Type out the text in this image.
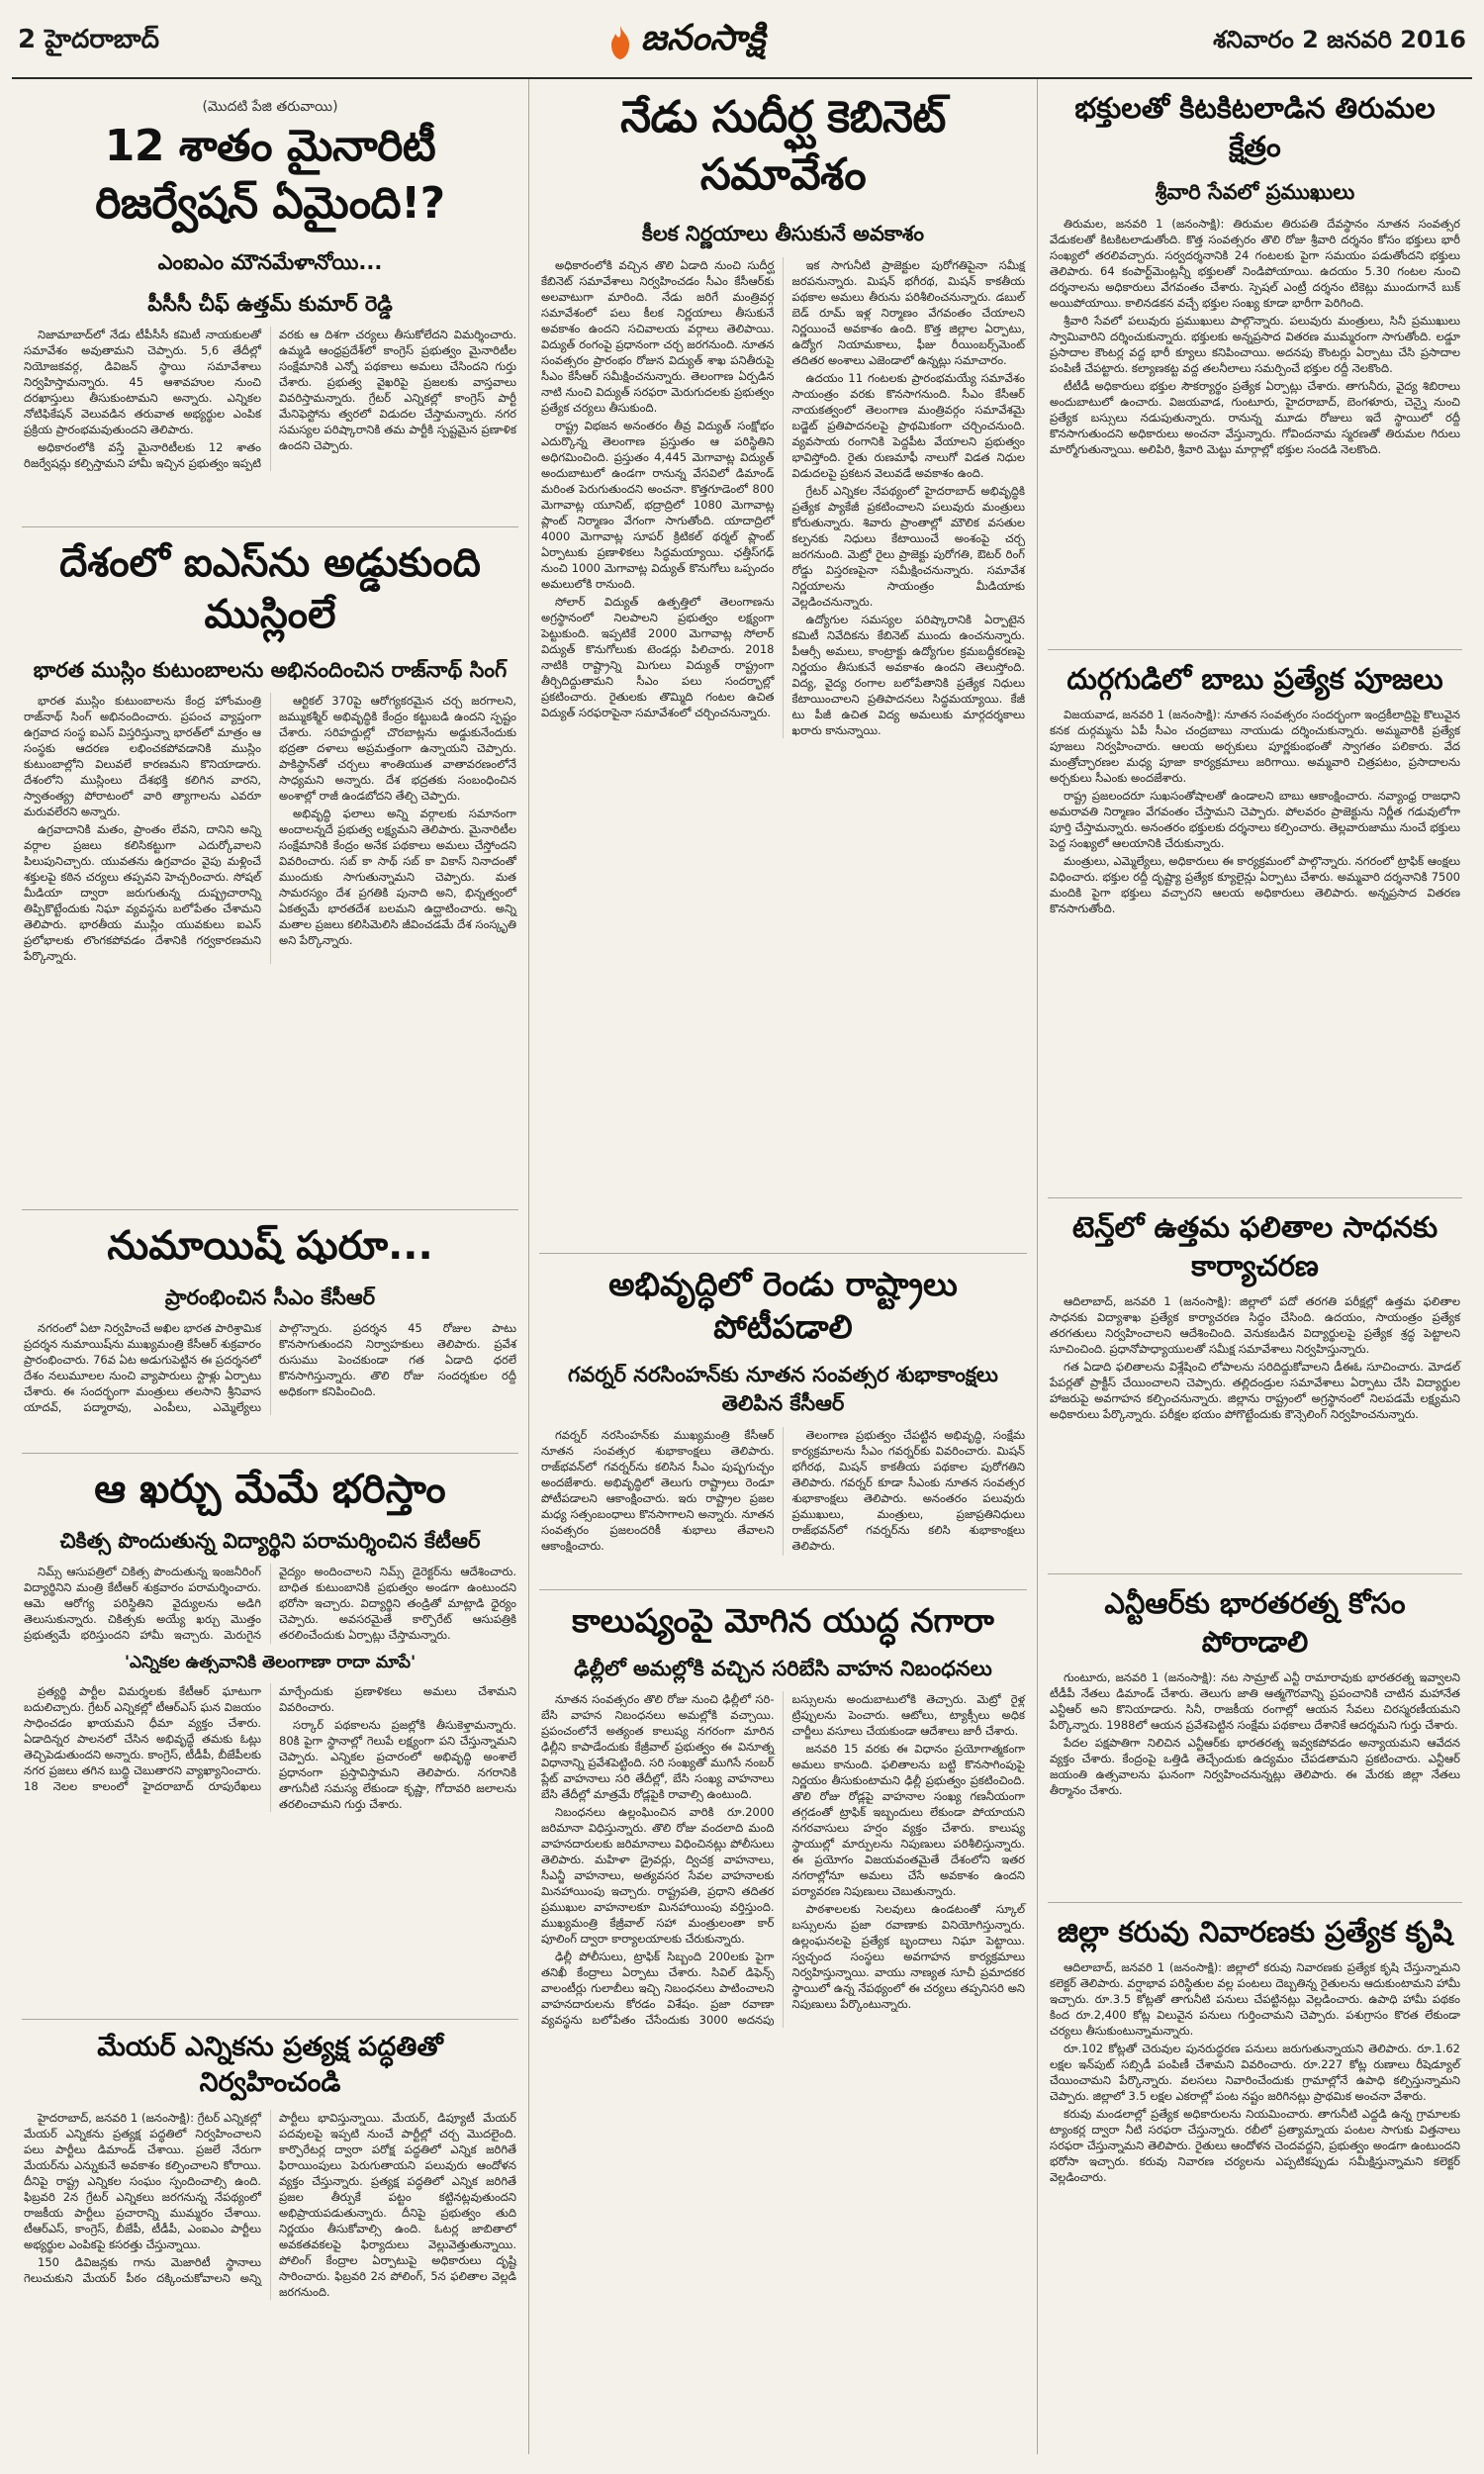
2 హైదరాబాద్	జనంసాక్షి	శనివారం 2 జనవరి 2016
(మొదటి పేజి తరువాయి)
12 శాతం మైనారిటీ రిజర్వేషన్ ఏమైంది!?
ఎంఐఎం మౌనమేళానోయి...
పీసీసీ చీఫ్ ఉత్తమ్ కుమార్ రెడ్డి

నిజామాబాద్‌లో నేడు టీపీసీసీ కమిటీ నాయకులతో సమావేశం అవుతామని చెప్పారు. 5,6 తేదీల్లో నియోజకవర్గ, డివిజన్ స్థాయి సమావేశాలు నిర్వహిస్తామన్నారు. 45 ఆశావహుల నుంచి దరఖాస్తులు తీసుకుంటామని అన్నారు. ఎన్నికల నోటిఫికేషన్ వెలువడిన తరువాత అభ్యర్థుల ఎంపిక ప్రక్రియ ప్రారంభమవుతుందని తెలిపారు.

అధికారంలోకి వస్తే మైనారిటీలకు 12 శాతం రిజర్వేషన్లు కల్పిస్తామని హామీ ఇచ్చిన ప్రభుత్వం ఇప్పటి వరకు ఆ దిశగా చర్యలు తీసుకోలేదని విమర్శించారు. ఉమ్మడి ఆంధ్రప్రదేశ్‌లో కాంగ్రెస్ ప్రభుత్వం మైనారిటీల సంక్షేమానికి ఎన్నో పథకాలు అమలు చేసిందని గుర్తు చేశారు. ప్రభుత్వ వైఖరిపై ప్రజలకు వాస్తవాలు వివరిస్తామన్నారు. గ్రేటర్ ఎన్నికల్లో కాంగ్రెస్ పార్టీ మేనిఫెస్టోను త్వరలో విడుదల చేస్తామన్నారు. నగర సమస్యల పరిష్కారానికి తమ పార్టీకి స్పష్టమైన ప్రణాళిక ఉందని చెప్పారు.

దేశంలో ఐఎస్‌ను అడ్డుకుంది ముస్లింలే
భారత ముస్లిం కుటుంబాలను అభినందించిన రాజ్‌నాథ్ సింగ్

భారత ముస్లిం కుటుంబాలను కేంద్ర హోంమంత్రి రాజ్‌నాథ్ సింగ్ అభినందించారు. ప్రపంచ వ్యాప్తంగా ఉగ్రవాద సంస్థ ఐఎస్ విస్తరిస్తున్నా భారత్‌లో మాత్రం ఆ సంస్థకు ఆదరణ లభించకపోవడానికి ముస్లిం కుటుంబాల్లోని విలువలే కారణమని కొనియాడారు. దేశంలోని ముస్లింలు దేశభక్తి కలిగిన వారని, స్వాతంత్య్ర పోరాటంలో వారి త్యాగాలను ఎవరూ మరువలేరని అన్నారు.

ఉగ్రవాదానికి మతం, ప్రాంతం లేవని, దానిని అన్ని వర్గాల ప్రజలు కలిసికట్టుగా ఎదుర్కోవాలని పిలుపునిచ్చారు. యువతను ఉగ్రవాదం వైపు మళ్లించే శక్తులపై కఠిన చర్యలు తప్పవని హెచ్చరించారు. సోషల్ మీడియా ద్వారా జరుగుతున్న దుష్ప్రచారాన్ని తిప్పికొట్టేందుకు నిఘా వ్యవస్థను బలోపేతం చేశామని తెలిపారు. భారతీయ ముస్లిం యువకులు ఐఎస్ ప్రలోభాలకు లొంగకపోవడం దేశానికి గర్వకారణమని పేర్కొన్నారు.

ఆర్టికల్ 370పై ఆరోగ్యకరమైన చర్చ జరగాలని, జమ్ముకశ్మీర్ అభివృద్ధికి కేంద్రం కట్టుబడి ఉందని స్పష్టం చేశారు. సరిహద్దుల్లో చొరబాట్లను అడ్డుకునేందుకు భద్రతా దళాలు అప్రమత్తంగా ఉన్నాయని చెప్పారు. పాకిస్థాన్‌తో చర్చలు శాంతియుత వాతావరణంలోనే సాధ్యమని అన్నారు. దేశ భద్రతకు సంబంధించిన అంశాల్లో రాజీ ఉండబోదని తేల్చి చెప్పారు.

అభివృద్ధి ఫలాలు అన్ని వర్గాలకు సమానంగా అందాలన్నదే ప్రభుత్వ లక్ష్యమని తెలిపారు. మైనారిటీల సంక్షేమానికి కేంద్రం అనేక పథకాలు అమలు చేస్తోందని వివరించారు. సబ్ కా సాథ్ సబ్ కా వికాస్ నినాదంతో ముందుకు సాగుతున్నామని చెప్పారు. మత సామరస్యం దేశ ప్రగతికి పునాది అని, భిన్నత్వంలో ఏకత్వమే భారతదేశ బలమని ఉద్ఘాటించారు. అన్ని మతాల ప్రజలు కలిసిమెలిసి జీవించడమే దేశ సంస్కృతి అని పేర్కొన్నారు.

నుమాయిష్ షురూ...
ప్రారంభించిన సీఎం కేసీఆర్

నగరంలో ఏటా నిర్వహించే అఖిల భారత పారిశ్రామిక ప్రదర్శన నుమాయిష్‌ను ముఖ్యమంత్రి కేసీఆర్ శుక్రవారం ప్రారంభించారు. 76వ ఏట అడుగుపెట్టిన ఈ ప్రదర్శనలో దేశం నలుమూలల నుంచి వ్యాపారులు స్టాళ్లు ఏర్పాటు చేశారు. ఈ సందర్భంగా మంత్రులు తలసాని శ్రీనివాస యాదవ్, పద్మారావు, ఎంపీలు, ఎమ్మెల్యేలు పాల్గొన్నారు. ప్రదర్శన 45 రోజుల పాటు కొనసాగుతుందని నిర్వాహకులు తెలిపారు. ప్రవేశ రుసుము పెంచకుండా గత ఏడాది ధరలే కొనసాగిస్తున్నారు. తొలి రోజు సందర్శకుల రద్దీ అధికంగా కనిపించింది.

ఆ ఖర్చు మేమే భరిస్తాం
చికిత్స పొందుతున్న విద్యార్థిని పరామర్శించిన కేటీఆర్

నిమ్స్ ఆసుపత్రిలో చికిత్స పొందుతున్న ఇంజనీరింగ్ విద్యార్థినిని మంత్రి కేటీఆర్ శుక్రవారం పరామర్శించారు. ఆమె ఆరోగ్య పరిస్థితిని వైద్యులను అడిగి తెలుసుకున్నారు. చికిత్సకు అయ్యే ఖర్చు మొత్తం ప్రభుత్వమే భరిస్తుందని హామీ ఇచ్చారు. మెరుగైన వైద్యం అందించాలని నిమ్స్ డైరెక్టర్‌ను ఆదేశించారు. బాధిత కుటుంబానికి ప్రభుత్వం అండగా ఉంటుందని భరోసా ఇచ్చారు. విద్యార్థిని తండ్రితో మాట్లాడి ధైర్యం చెప్పారు. అవసరమైతే కార్పొరేట్ ఆసుపత్రికి తరలించేందుకు ఏర్పాట్లు చేస్తామన్నారు.

'ఎన్నికల ఉత్సవానికి తెలంగాణా రాదా మాపే'

ప్రత్యర్థి పార్టీల విమర్శలకు కేటీఆర్ ఘాటుగా బదులిచ్చారు. గ్రేటర్ ఎన్నికల్లో టీఆర్ఎస్ ఘన విజయం సాధించడం ఖాయమని ధీమా వ్యక్తం చేశారు. ఏడాదిన్నర పాలనలో చేసిన అభివృద్ధే తమకు ఓట్లు తెచ్చిపెడుతుందని అన్నారు. కాంగ్రెస్, టీడీపీ, బీజేపీలకు నగర ప్రజలు తగిన బుద్ధి చెబుతారని వ్యాఖ్యానించారు. 18 నెలల కాలంలో హైదరాబాద్ రూపురేఖలు మార్చేందుకు ప్రణాళికలు అమలు చేశామని వివరించారు.

సర్కార్ పథకాలను ప్రజల్లోకి తీసుకెళ్తామన్నారు. 80కి పైగా స్థానాల్లో గెలుపే లక్ష్యంగా పని చేస్తున్నామని చెప్పారు. ఎన్నికల ప్రచారంలో అభివృద్ధి అంశాలే ప్రధానంగా ప్రస్తావిస్తామని తెలిపారు. నగరానికి తాగునీటి సమస్య లేకుండా కృష్ణా, గోదావరి జలాలను తరలించామని గుర్తు చేశారు.

మేయర్ ఎన్నికను ప్రత్యక్ష పద్ధతితో నిర్వహించండి

హైదరాబాద్, జనవరి 1 (జనంసాక్షి): గ్రేటర్ ఎన్నికల్లో మేయర్ ఎన్నికను ప్రత్యక్ష పద్ధతిలో నిర్వహించాలని పలు పార్టీలు డిమాండ్ చేశాయి. ప్రజలే నేరుగా మేయర్‌ను ఎన్నుకునే అవకాశం కల్పించాలని కోరాయి. దీనిపై రాష్ట్ర ఎన్నికల సంఘం స్పందించాల్సి ఉంది. ఫిబ్రవరి 2న గ్రేటర్ ఎన్నికలు జరగనున్న నేపథ్యంలో రాజకీయ పార్టీలు ప్రచారాన్ని ముమ్మరం చేశాయి. టీఆర్ఎస్, కాంగ్రెస్, బీజేపీ, టీడీపీ, ఎంఐఎం పార్టీలు అభ్యర్థుల ఎంపికపై కసరత్తు చేస్తున్నాయి.

150 డివిజన్లకు గాను మెజారిటీ స్థానాలు గెలుచుకుని మేయర్ పీఠం దక్కించుకోవాలని అన్ని పార్టీలు భావిస్తున్నాయి. మేయర్, డిప్యూటీ మేయర్ పదవులపై ఇప్పటి నుంచే పార్టీల్లో చర్చ మొదలైంది. కార్పొరేటర్ల ద్వారా పరోక్ష పద్ధతిలో ఎన్నిక జరిగితే ఫిరాయింపులు పెరుగుతాయని పలువురు ఆందోళన వ్యక్తం చేస్తున్నారు. ప్రత్యక్ష పద్ధతిలో ఎన్నిక జరిగితే ప్రజల తీర్పుకే పట్టం కట్టినట్లవుతుందని అభిప్రాయపడుతున్నారు. దీనిపై ప్రభుత్వం తుది నిర్ణయం తీసుకోవాల్సి ఉంది. ఓటర్ల జాబితాలో అవకతవకలపై ఫిర్యాదులు వెల్లువెత్తుతున్నాయి. పోలింగ్ కేంద్రాల ఏర్పాటుపై అధికారులు దృష్టి సారించారు. ఫిబ్రవరి 2న పోలింగ్, 5న ఫలితాల వెల్లడి జరగనుంది.

నేడు సుదీర్ఘ కెబినెట్ సమావేశం
కీలక నిర్ణయాలు తీసుకునే అవకాశం

అధికారంలోకి వచ్చిన తొలి ఏడాది నుంచి సుదీర్ఘ కేబినెట్ సమావేశాలు నిర్వహించడం సీఎం కేసీఆర్‌కు అలవాటుగా మారింది. నేడు జరిగే మంత్రివర్గ సమావేశంలో పలు కీలక నిర్ణయాలు తీసుకునే అవకాశం ఉందని సచివాలయ వర్గాలు తెలిపాయి. విద్యుత్ రంగంపై ప్రధానంగా చర్చ జరగనుంది. నూతన సంవత్సరం ప్రారంభం రోజున విద్యుత్ శాఖ పనితీరుపై సీఎం కేసీఆర్ సమీక్షించనున్నారు. తెలంగాణ ఏర్పడిన నాటి నుంచి విద్యుత్ సరఫరా మెరుగుదలకు ప్రభుత్వం ప్రత్యేక చర్యలు తీసుకుంది.

రాష్ట్ర విభజన అనంతరం తీవ్ర విద్యుత్ సంక్షోభం ఎదుర్కొన్న తెలంగాణ ప్రస్తుతం ఆ పరిస్థితిని అధిగమించింది. ప్రస్తుతం 4,445 మెగావాట్ల విద్యుత్ అందుబాటులో ఉండగా రానున్న వేసవిలో డిమాండ్ మరింత పెరుగుతుందని అంచనా. కొత్తగూడెంలో 800 మెగావాట్ల యూనిట్, భద్రాద్రిలో 1080 మెగావాట్ల ప్లాంట్ నిర్మాణం వేగంగా సాగుతోంది. యాదాద్రిలో 4000 మెగావాట్ల సూపర్ క్రిటికల్ థర్మల్ ప్లాంట్ ఏర్పాటుకు ప్రణాళికలు సిద్ధమయ్యాయి. ఛత్తీస్‌గఢ్ నుంచి 1000 మెగావాట్ల విద్యుత్ కొనుగోలు ఒప్పందం అమలులోకి రానుంది.

సోలార్ విద్యుత్ ఉత్పత్తిలో తెలంగాణను అగ్రస్థానంలో నిలపాలని ప్రభుత్వం లక్ష్యంగా పెట్టుకుంది. ఇప్పటికే 2000 మెగావాట్ల సోలార్ విద్యుత్ కొనుగోలుకు టెండర్లు పిలిచారు. 2018 నాటికి రాష్ట్రాన్ని మిగులు విద్యుత్ రాష్ట్రంగా తీర్చిదిద్దుతామని సీఎం పలు సందర్భాల్లో ప్రకటించారు. రైతులకు తొమ్మిది గంటల ఉచిత విద్యుత్ సరఫరాపైనా సమావేశంలో చర్చించనున్నారు.

ఇక సాగునీటి ప్రాజెక్టుల పురోగతిపైనా సమీక్ష జరపనున్నారు. మిషన్ భగీరథ, మిషన్ కాకతీయ పథకాల అమలు తీరును పరిశీలించనున్నారు. డబుల్ బెడ్ రూమ్ ఇళ్ల నిర్మాణం వేగవంతం చేయాలని నిర్ణయించే అవకాశం ఉంది. కొత్త జిల్లాల ఏర్పాటు, ఉద్యోగ నియామకాలు, ఫీజు రీయింబర్స్‌మెంట్ తదితర అంశాలు ఎజెండాలో ఉన్నట్లు సమాచారం.

ఉదయం 11 గంటలకు ప్రారంభమయ్యే సమావేశం సాయంత్రం వరకు కొనసాగనుంది. సీఎం కేసీఆర్ నాయకత్వంలో తెలంగాణ మంత్రివర్గం సమావేశమై బడ్జెట్ ప్రతిపాదనలపై ప్రాథమికంగా చర్చించనుంది. వ్యవసాయ రంగానికి పెద్దపీట వేయాలని ప్రభుత్వం భావిస్తోంది. రైతు రుణమాఫీ నాలుగో విడత నిధుల విడుదలపై ప్రకటన వెలువడే అవకాశం ఉంది.

గ్రేటర్ ఎన్నికల నేపథ్యంలో హైదరాబాద్ అభివృద్ధికి ప్రత్యేక ప్యాకేజీ ప్రకటించాలని పలువురు మంత్రులు కోరుతున్నారు. శివారు ప్రాంతాల్లో మౌలిక వసతుల కల్పనకు నిధులు కేటాయించే అంశంపై చర్చ జరగనుంది. మెట్రో రైలు ప్రాజెక్టు పురోగతి, ఔటర్ రింగ్ రోడ్డు విస్తరణపైనా సమీక్షించనున్నారు. సమావేశ నిర్ణయాలను సాయంత్రం మీడియాకు వెల్లడించనున్నారు.

ఉద్యోగుల సమస్యల పరిష్కారానికి ఏర్పాటైన కమిటీ నివేదికను కేబినెట్ ముందు ఉంచనున్నారు. పీఆర్సీ అమలు, కాంట్రాక్టు ఉద్యోగుల క్రమబద్ధీకరణపై నిర్ణయం తీసుకునే అవకాశం ఉందని తెలుస్తోంది. విద్య, వైద్య రంగాల బలోపేతానికి ప్రత్యేక నిధులు కేటాయించాలని ప్రతిపాదనలు సిద్ధమయ్యాయి. కేజీ టు పీజీ ఉచిత విద్య అమలుకు మార్గదర్శకాలు ఖరారు కానున్నాయి.

అభివృద్ధిలో రెండు రాష్ట్రాలు పోటీపడాలి
గవర్నర్ నరసింహన్‌కు నూతన సంవత్సర శుభాకాంక్షలు తెలిపిన కేసీఆర్

గవర్నర్ నరసింహన్‌కు ముఖ్యమంత్రి కేసీఆర్ నూతన సంవత్సర శుభాకాంక్షలు తెలిపారు. రాజ్‌భవన్‌లో గవర్నర్‌ను కలిసిన సీఎం పుష్పగుచ్ఛం అందజేశారు. అభివృద్ధిలో తెలుగు రాష్ట్రాలు రెండూ పోటీపడాలని ఆకాంక్షించారు. ఇరు రాష్ట్రాల ప్రజల మధ్య సత్సంబంధాలు కొనసాగాలని అన్నారు. నూతన సంవత్సరం ప్రజలందరికీ శుభాలు తేవాలని ఆకాంక్షించారు.

తెలంగాణ ప్రభుత్వం చేపట్టిన అభివృద్ధి, సంక్షేమ కార్యక్రమాలను సీఎం గవర్నర్‌కు వివరించారు. మిషన్ భగీరథ, మిషన్ కాకతీయ పథకాల పురోగతిని తెలిపారు. గవర్నర్ కూడా సీఎంకు నూతన సంవత్సర శుభాకాంక్షలు తెలిపారు. అనంతరం పలువురు ప్రముఖులు, మంత్రులు, ప్రజాప్రతినిధులు రాజ్‌భవన్‌లో గవర్నర్‌ను కలిసి శుభాకాంక్షలు తెలిపారు.

కాలుష్యంపై మోగిన యుద్ధ నగారా
ఢిల్లీలో అమల్లోకి వచ్చిన సరిబేసి వాహన నిబంధనలు

నూతన సంవత్సరం తొలి రోజు నుంచి ఢిల్లీలో సరి-బేసి వాహన నిబంధనలు అమల్లోకి వచ్చాయి. ప్రపంచంలోనే అత్యంత కాలుష్య నగరంగా మారిన ఢిల్లీని కాపాడేందుకు కేజ్రీవాల్ ప్రభుత్వం ఈ వినూత్న విధానాన్ని ప్రవేశపెట్టింది. సరి సంఖ్యతో ముగిసే నంబర్ ప్లేట్ వాహనాలు సరి తేదీల్లో, బేసి సంఖ్య వాహనాలు బేసి తేదీల్లో మాత్రమే రోడ్లపైకి రావాల్సి ఉంటుంది.

నిబంధనలు ఉల్లంఘించిన వారికి రూ.2000 జరిమానా విధిస్తున్నారు. తొలి రోజు వందలాది మంది వాహనదారులకు జరిమానాలు విధించినట్లు పోలీసులు తెలిపారు. మహిళా డ్రైవర్లు, ద్విచక్ర వాహనాలు, సీఎన్జీ వాహనాలు, అత్యవసర సేవల వాహనాలకు మినహాయింపు ఇచ్చారు. రాష్ట్రపతి, ప్రధాని తదితర ప్రముఖుల వాహనాలకూ మినహాయింపు వర్తిస్తుంది. ముఖ్యమంత్రి కేజ్రీవాల్ సహా మంత్రులంతా కార్ పూలింగ్ ద్వారా కార్యాలయాలకు చేరుకున్నారు.

ఢిల్లీ పోలీసులు, ట్రాఫిక్ సిబ్బంది 200లకు పైగా తనిఖీ కేంద్రాలు ఏర్పాటు చేశారు. సివిల్ డిఫెన్స్ వాలంటీర్లు గులాబీలు ఇచ్చి నిబంధనలు పాటించాలని వాహనదారులను కోరడం విశేషం. ప్రజా రవాణా వ్యవస్థను బలోపేతం చేసేందుకు 3000 అదనపు బస్సులను అందుబాటులోకి తెచ్చారు. మెట్రో రైళ్ల ట్రిప్పులను పెంచారు. ఆటోలు, ట్యాక్సీలు అధిక చార్జీలు వసూలు చేయకుండా ఆదేశాలు జారీ చేశారు.

జనవరి 15 వరకు ఈ విధానం ప్రయోగాత్మకంగా అమలు కానుంది. ఫలితాలను బట్టి కొనసాగింపుపై నిర్ణయం తీసుకుంటామని ఢిల్లీ ప్రభుత్వం ప్రకటించింది. తొలి రోజు రోడ్లపై వాహనాల సంఖ్య గణనీయంగా తగ్గడంతో ట్రాఫిక్ ఇబ్బందులు లేకుండా పోయాయని నగరవాసులు హర్షం వ్యక్తం చేశారు. కాలుష్య స్థాయుల్లో మార్పులను నిపుణులు పరిశీలిస్తున్నారు. ఈ ప్రయోగం విజయవంతమైతే దేశంలోని ఇతర నగరాల్లోనూ అమలు చేసే అవకాశం ఉందని పర్యావరణ నిపుణులు చెబుతున్నారు.

పాఠశాలలకు సెలవులు ఉండటంతో స్కూల్ బస్సులను ప్రజా రవాణాకు వినియోగిస్తున్నారు. ఉల్లంఘనలపై ప్రత్యేక బృందాలు నిఘా పెట్టాయి. స్వచ్ఛంద సంస్థలు అవగాహన కార్యక్రమాలు నిర్వహిస్తున్నాయి. వాయు నాణ్యత సూచీ ప్రమాదకర స్థాయిలో ఉన్న నేపథ్యంలో ఈ చర్యలు తప్పనిసరి అని నిపుణులు పేర్కొంటున్నారు.

భక్తులతో కిటకిటలాడిన తిరుమల క్షేత్రం
శ్రీవారి సేవలో ప్రముఖులు

తిరుమల, జనవరి 1 (జనంసాక్షి): తిరుమల తిరుపతి దేవస్థానం నూతన సంవత్సర వేడుకలతో కిటకిటలాడుతోంది. కొత్త సంవత్సరం తొలి రోజు శ్రీవారి దర్శనం కోసం భక్తులు భారీ సంఖ్యలో తరలివచ్చారు. సర్వదర్శనానికి 24 గంటలకు పైగా సమయం పడుతోందని భక్తులు తెలిపారు. 64 కంపార్ట్‌మెంట్లన్నీ భక్తులతో నిండిపోయాయి. ఉదయం 5.30 గంటల నుంచి దర్శనాలను అధికారులు వేగవంతం చేశారు. స్పెషల్ ఎంట్రీ దర్శనం టికెట్లు ముందుగానే బుక్ అయిపోయాయి. కాలినడకన వచ్చే భక్తుల సంఖ్య కూడా భారీగా పెరిగింది.

శ్రీవారి సేవలో పలువురు ప్రముఖులు పాల్గొన్నారు. పలువురు మంత్రులు, సినీ ప్రముఖులు స్వామివారిని దర్శించుకున్నారు. భక్తులకు అన్నప్రసాద వితరణ ముమ్మరంగా సాగుతోంది. లడ్డూ ప్రసాదాల కౌంటర్ల వద్ద భారీ క్యూలు కనిపించాయి. అదనపు కౌంటర్లు ఏర్పాటు చేసి ప్రసాదాల పంపిణీ చేపట్టారు. కల్యాణకట్ట వద్ద తలనీలాలు సమర్పించే భక్తుల రద్దీ నెలకొంది.

టీటీడీ అధికారులు భక్తుల సౌకర్యార్థం ప్రత్యేక ఏర్పాట్లు చేశారు. తాగునీరు, వైద్య శిబిరాలు అందుబాటులో ఉంచారు. విజయవాడ, గుంటూరు, హైదరాబాద్, బెంగళూరు, చెన్నై నుంచి ప్రత్యేక బస్సులు నడుపుతున్నారు. రానున్న మూడు రోజులు ఇదే స్థాయిలో రద్దీ కొనసాగుతుందని అధికారులు అంచనా వేస్తున్నారు. గోవిందనామ స్మరణతో తిరుమల గిరులు మార్మోగుతున్నాయి. అలిపిరి, శ్రీవారి మెట్టు మార్గాల్లో భక్తుల సందడి నెలకొంది.

దుర్గగుడిలో బాబు ప్రత్యేక పూజలు

విజయవాడ, జనవరి 1 (జనంసాక్షి): నూతన సంవత్సరం సందర్భంగా ఇంద్రకీలాద్రిపై కొలువైన కనక దుర్గమ్మను ఏపీ సీఎం చంద్రబాబు నాయుడు దర్శించుకున్నారు. అమ్మవారికి ప్రత్యేక పూజలు నిర్వహించారు. ఆలయ అర్చకులు పూర్ణకుంభంతో స్వాగతం పలికారు. వేద మంత్రోచ్ఛారణల మధ్య పూజా కార్యక్రమాలు జరిగాయి. అమ్మవారి చిత్రపటం, ప్రసాదాలను అర్చకులు సీఎంకు అందజేశారు.

రాష్ట్ర ప్రజలందరూ సుఖసంతోషాలతో ఉండాలని బాబు ఆకాంక్షించారు. నవ్యాంధ్ర రాజధాని అమరావతి నిర్మాణం వేగవంతం చేస్తామని చెప్పారు. పోలవరం ప్రాజెక్టును నిర్ణీత గడువులోగా పూర్తి చేస్తామన్నారు. అనంతరం భక్తులకు దర్శనాలు కల్పించారు. తెల్లవారుజాము నుంచే భక్తులు పెద్ద సంఖ్యలో ఆలయానికి చేరుకున్నారు.

మంత్రులు, ఎమ్మెల్యేలు, అధికారులు ఈ కార్యక్రమంలో పాల్గొన్నారు. నగరంలో ట్రాఫిక్ ఆంక్షలు విధించారు. భక్తుల రద్దీ దృష్ట్యా ప్రత్యేక క్యూలైన్లు ఏర్పాటు చేశారు. అమ్మవారి దర్శనానికి 7500 మందికి పైగా భక్తులు వచ్చారని ఆలయ అధికారులు తెలిపారు. అన్నప్రసాద వితరణ కొనసాగుతోంది.

టెన్త్‌లో ఉత్తమ ఫలితాల సాధనకు కార్యాచరణ

ఆదిలాబాద్, జనవరి 1 (జనంసాక్షి): జిల్లాలో పదో తరగతి పరీక్షల్లో ఉత్తమ ఫలితాల సాధనకు విద్యాశాఖ ప్రత్యేక కార్యాచరణ సిద్ధం చేసింది. ఉదయం, సాయంత్రం ప్రత్యేక తరగతులు నిర్వహించాలని ఆదేశించింది. వెనుకబడిన విద్యార్థులపై ప్రత్యేక శ్రద్ధ పెట్టాలని సూచించింది. ప్రధానోపాధ్యాయులతో సమీక్ష సమావేశాలు నిర్వహిస్తున్నారు.

గత ఏడాది ఫలితాలను విశ్లేషించి లోపాలను సరిదిద్దుకోవాలని డీఈఓ సూచించారు. మోడల్ పేపర్లతో ప్రాక్టీస్ చేయించాలని చెప్పారు. తల్లిదండ్రుల సమావేశాలు ఏర్పాటు చేసి విద్యార్థుల హాజరుపై అవగాహన కల్పించనున్నారు. జిల్లాను రాష్ట్రంలో అగ్రస్థానంలో నిలపడమే లక్ష్యమని అధికారులు పేర్కొన్నారు. పరీక్షల భయం పోగొట్టేందుకు కౌన్సెలింగ్ నిర్వహించనున్నారు.

ఎన్టీఆర్‌కు భారతరత్న కోసం పోరాడాలి

గుంటూరు, జనవరి 1 (జనంసాక్షి): నట సామ్రాట్ ఎన్టీ రామారావుకు భారతరత్న ఇవ్వాలని టీడీపీ నేతలు డిమాండ్ చేశారు. తెలుగు జాతి ఆత్మగౌరవాన్ని ప్రపంచానికి చాటిన మహానేత ఎన్టీఆర్ అని కొనియాడారు. సినీ, రాజకీయ రంగాల్లో ఆయన సేవలు చిరస్మరణీయమని పేర్కొన్నారు. 1988లో ఆయన ప్రవేశపెట్టిన సంక్షేమ పథకాలు దేశానికే ఆదర్శమని గుర్తు చేశారు.

పేదల పక్షపాతిగా నిలిచిన ఎన్టీఆర్‌కు భారతరత్న ఇవ్వకపోవడం అన్యాయమని ఆవేదన వ్యక్తం చేశారు. కేంద్రంపై ఒత్తిడి తెచ్చేందుకు ఉద్యమం చేపడతామని ప్రకటించారు. ఎన్టీఆర్ జయంతి ఉత్సవాలను ఘనంగా నిర్వహించనున్నట్లు తెలిపారు. ఈ మేరకు జిల్లా నేతలు తీర్మానం చేశారు.

జిల్లా కరువు నివారణకు ప్రత్యేక కృషి

ఆదిలాబాద్, జనవరి 1 (జనంసాక్షి): జిల్లాలో కరువు నివారణకు ప్రత్యేక కృషి చేస్తున్నామని కలెక్టర్ తెలిపారు. వర్షాభావ పరిస్థితుల వల్ల పంటలు దెబ్బతిన్న రైతులను ఆదుకుంటామని హామీ ఇచ్చారు. రూ.3.5 కోట్లతో తాగునీటి పనులు చేపట్టినట్లు వెల్లడించారు. ఉపాధి హామీ పథకం కింద రూ.2,400 కోట్ల విలువైన పనులు గుర్తించామని చెప్పారు. పశుగ్రాసం కొరత లేకుండా చర్యలు తీసుకుంటున్నామన్నారు.

రూ.102 కోట్లతో చెరువుల పునరుద్ధరణ పనులు జరుగుతున్నాయని తెలిపారు. రూ.1.62 లక్షల ఇన్‌పుట్ సబ్సిడీ పంపిణీ చేశామని వివరించారు. రూ.227 కోట్ల రుణాలు రీషెడ్యూల్ చేయించామని పేర్కొన్నారు. వలసలు నివారించేందుకు గ్రామాల్లోనే ఉపాధి కల్పిస్తున్నామని చెప్పారు. జిల్లాలో 3.5 లక్షల ఎకరాల్లో పంట నష్టం జరిగినట్లు ప్రాథమిక అంచనా వేశారు.

కరువు మండలాల్లో ప్రత్యేక అధికారులను నియమించారు. తాగునీటి ఎద్దడి ఉన్న గ్రామాలకు ట్యాంకర్ల ద్వారా నీటి సరఫరా చేస్తున్నారు. రబీలో ప్రత్యామ్నాయ పంటల సాగుకు విత్తనాలు సరఫరా చేస్తున్నామని తెలిపారు. రైతులు ఆందోళన చెందవద్దని, ప్రభుత్వం అండగా ఉంటుందని భరోసా ఇచ్చారు. కరువు నివారణ చర్యలను ఎప్పటికప్పుడు సమీక్షిస్తున్నామని కలెక్టర్ వెల్లడించారు.
